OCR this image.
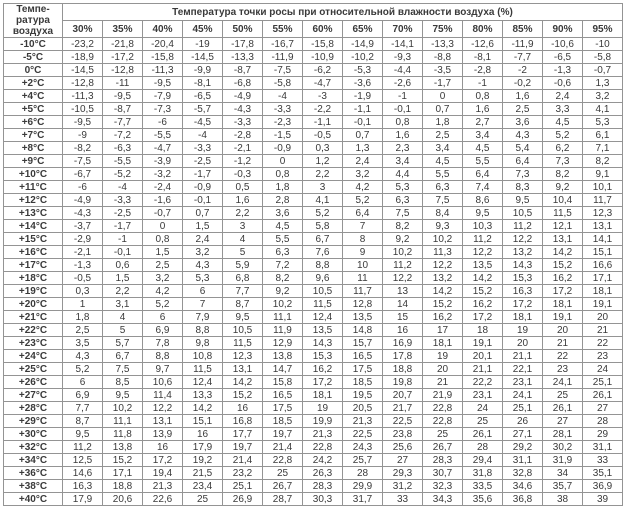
Темпе-
ратура
воздуха	Температура точки росы при относительной влажности воздуха (%)													
	30%	35%	40%	45%	50%	55%	60%	65%	70%	75%	80%	85%	90%	95%
-10°С	-23,2	-21,8	-20,4	-19	-17,8	-16,7	-15,8	-14,9	-14,1	-13,3	-12,6	-11,9	-10,6	-10
-5°С	-18,9	-17,2	-15,8	-14,5	-13,3	-11,9	-10,9	-10,2	-9,3	-8,8	-8,1	-7,7	-6,5	-5,8
0°С	-14,5	-12,8	-11,3	-9,9	-8,7	-7,5	-6,2	-5,3	-4,4	-3,5	-2,8	-2	-1,3	-0,7
+2°С	-12,8	-11	-9,5	-8,1	-6,8	-5,8	-4,7	-3,6	-2,6	-1,7	-1	-0,2	-0,6	1,3
+4°С	-11,3	-9,5	-7,9	-6,5	-4,9	-4	-3	-1,9	-1	0	0,8	1,6	2,4	3,2
+5°С	-10,5	-8,7	-7,3	-5,7	-4,3	-3,3	-2,2	-1,1	-0,1	0,7	1,6	2,5	3,3	4,1
+6°С	-9,5	-7,7	-6	-4,5	-3,3	-2,3	-1,1	-0,1	0,8	1,8	2,7	3,6	4,5	5,3
+7°С	-9	-7,2	-5,5	-4	-2,8	-1,5	-0,5	0,7	1,6	2,5	3,4	4,3	5,2	6,1
+8°С	-8,2	-6,3	-4,7	-3,3	-2,1	-0,9	0,3	1,3	2,3	3,4	4,5	5,4	6,2	7,1
+9°С	-7,5	-5,5	-3,9	-2,5	-1,2	0	1,2	2,4	3,4	4,5	5,5	6,4	7,3	8,2
+10°С	-6,7	-5,2	-3,2	-1,7	-0,3	0,8	2,2	3,2	4,4	5,5	6,4	7,3	8,2	9,1
+11°С	-6	-4	-2,4	-0,9	0,5	1,8	3	4,2	5,3	6,3	7,4	8,3	9,2	10,1
+12°С	-4,9	-3,3	-1,6	-0,1	1,6	2,8	4,1	5,2	6,3	7,5	8,6	9,5	10,4	11,7
+13°С	-4,3	-2,5	-0,7	0,7	2,2	3,6	5,2	6,4	7,5	8,4	9,5	10,5	11,5	12,3
+14°С	-3,7	-1,7	0	1,5	3	4,5	5,8	7	8,2	9,3	10,3	11,2	12,1	13,1
+15°С	-2,9	-1	0,8	2,4	4	5,5	6,7	8	9,2	10,2	11,2	12,2	13,1	14,1
+16°С	-2,1	-0,1	1,5	3,2	5	6,3	7,6	9	10,2	11,3	12,2	13,2	14,2	15,1
+17°С	-1,3	0,6	2,5	4,3	5,9	7,2	8,8	10	11,2	12,2	13,5	14,3	15,2	16,6
+18°С	-0,5	1,5	3,2	5,3	6,8	8,2	9,6	11	12,2	13,2	14,2	15,3	16,2	17,1
+19°С	0,3	2,2	4,2	6	7,7	9,2	10,5	11,7	13	14,2	15,2	16,3	17,2	18,1
+20°С	1	3,1	5,2	7	8,7	10,2	11,5	12,8	14	15,2	16,2	17,2	18,1	19,1
+21°С	1,8	4	6	7,9	9,5	11,1	12,4	13,5	15	16,2	17,2	18,1	19,1	20
+22°С	2,5	5	6,9	8,8	10,5	11,9	13,5	14,8	16	17	18	19	20	21
+23°С	3,5	5,7	7,8	9,8	11,5	12,9	14,3	15,7	16,9	18,1	19,1	20	21	22
+24°С	4,3	6,7	8,8	10,8	12,3	13,8	15,3	16,5	17,8	19	20,1	21,1	22	23
+25°С	5,2	7,5	9,7	11,5	13,1	14,7	16,2	17,5	18,8	20	21,1	22,1	23	24
+26°С	6	8,5	10,6	12,4	14,2	15,8	17,2	18,5	19,8	21	22,2	23,1	24,1	25,1
+27°С	6,9	9,5	11,4	13,3	15,2	16,5	18,1	19,5	20,7	21,9	23,1	24,1	25	26,1
+28°С	7,7	10,2	12,2	14,2	16	17,5	19	20,5	21,7	22,8	24	25,1	26,1	27
+29°С	8,7	11,1	13,1	15,1	16,8	18,5	19,9	21,3	22,5	22,8	25	26	27	28
+30°С	9,5	11,8	13,9	16	17,7	19,7	21,3	22,5	23,8	25	26,1	27,1	28,1	29
+32°С	11,2	13,8	16	17,9	19,7	21,4	22,8	24,3	25,6	26,7	28	29,2	30,2	31,1
+34°С	12,5	15,2	17,2	19,2	21,4	22,8	24,2	25,7	27	28,3	29,4	31,1	31,9	33
+36°С	14,6	17,1	19,4	21,5	23,2	25	26,3	28	29,3	30,7	31,8	32,8	34	35,1
+38°С	16,3	18,8	21,3	23,4	25,1	26,7	28,3	29,9	31,2	32,3	33,5	34,6	35,7	36,9
+40°С	17,9	20,6	22,6	25	26,9	28,7	30,3	31,7	33	34,3	35,6	36,8	38	39
